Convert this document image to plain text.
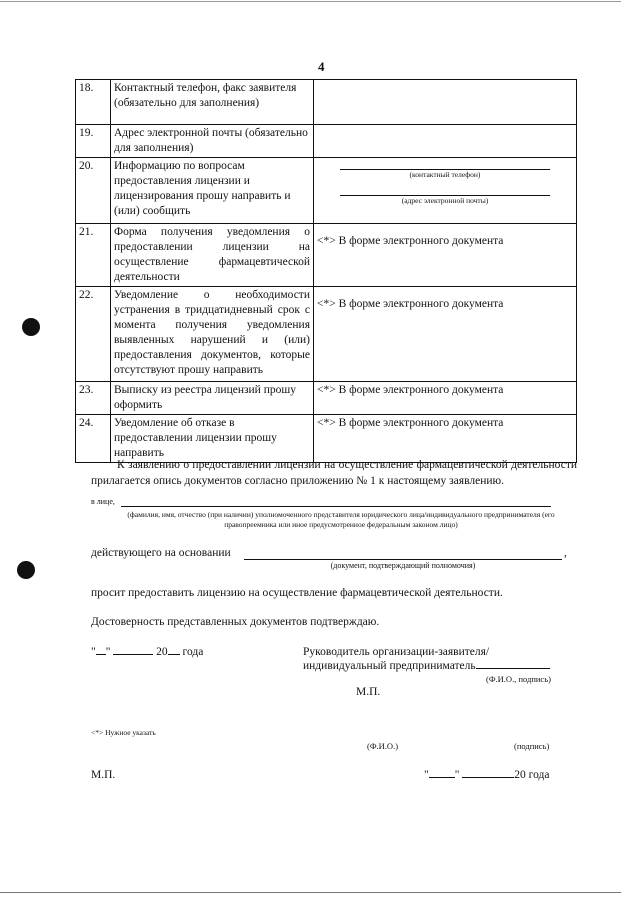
4
18.	Контактный телефон, факс заявителя (обязательно для заполнения)	
19.	Адрес электронной почты (обязательно для заполнения)	
20.	Информацию по вопросам предоставления лицензии и лицензирования прошу направить и (или) сообщить	(контактный телефон)
(адрес электронной почты)

21.	Форма получения уведомления о предоставлении лицензии на осуществление фармацевтической деятельности	<*> В форме электронного документа
22.	Уведомление о необходимости устранения в тридцатидневный срок с момента получения уведомления выявленных нарушений и (или) предоставления документов, которые отсутствуют прошу направить	<*> В форме электронного документа
23.	Выписку из реестра лицензий прошу оформить	<*> В форме электронного документа
24.	Уведомление об отказе в предоставлении лицензии прошу направить	<*> В форме электронного документа
К заявлению о предоставлении лицензии на осуществление фармацевтической деятельности прилагается опись документов согласно приложению № 1 к настоящему заявлению.
в лице,
(фамилия, имя, отчество (при наличии) уполномоченного представителя юридического лица/индивидуального предпринимателя (его правопреемника или иное предусмотренное федеральным законом лицо)
действующего на основании	,
(документ, подтверждающий полномочия)
просит предоставить лицензию на осуществление фармацевтической деятельности.
Достоверность представленных документов подтверждаю.
" "	20 года	Руководитель организации-заявителя/
индивидуальный предприниматель
(Ф.И.О., подпись)
М.П.
<*> Нужное указать
(Ф.И.О.)	(подпись)
М.П.	" "	20 года
